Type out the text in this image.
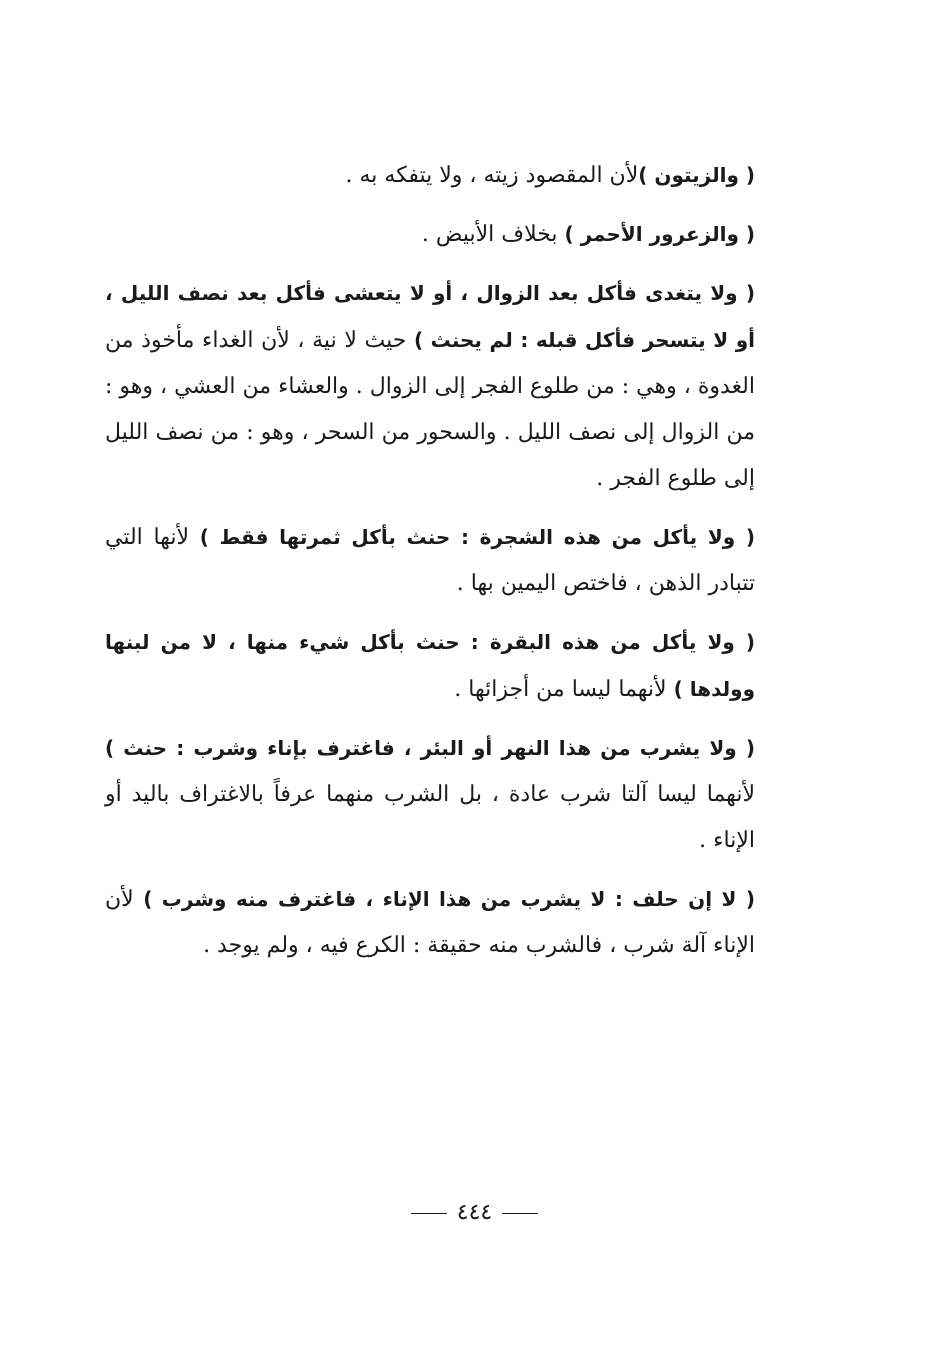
( والزيتون )لأن المقصود زيته ، ولا يتفكه به .

( والزعرور الأحمر ) بخلاف الأبيض .

( ولا يتغدى فأكل بعد الزوال ، أو لا يتعشى فأكل بعد نصف الليل ، أو لا يتسحر فأكل قبله : لم يحنث ) حيث لا نية ، لأن الغداء مأخوذ من الغدوة ، وهي : من طلوع الفجر إلى الزوال . والعشاء من العشي ، وهو : من الزوال إلى نصف الليل . والسحور من السحر ، وهو : من نصف الليل إلى طلوع الفجر .

( ولا يأكل من هذه الشجرة : حنث بأكل ثمرتها فقط ) لأنها التي تتبادر الذهن ، فاختص اليمين بها .

( ولا يأكل من هذه البقرة : حنث بأكل شيء منها ، لا من لبنها وولدها ) لأنهما ليسا من أجزائها .

( ولا يشرب من هذا النهر أو البئر ، فاغترف بإناء وشرب : حنث ) لأنهما ليسا آلتا شرب عادة ، بل الشرب منهما عرفاً بالاغتراف باليد أو الإناء .

( لا إن حلف : لا يشرب من هذا الإناء ، فاغترف منه وشرب ) لأن الإناء آلة شرب ، فالشرب منه حقيقة : الكرع فيه ، ولم يوجد .

٤٤٤
